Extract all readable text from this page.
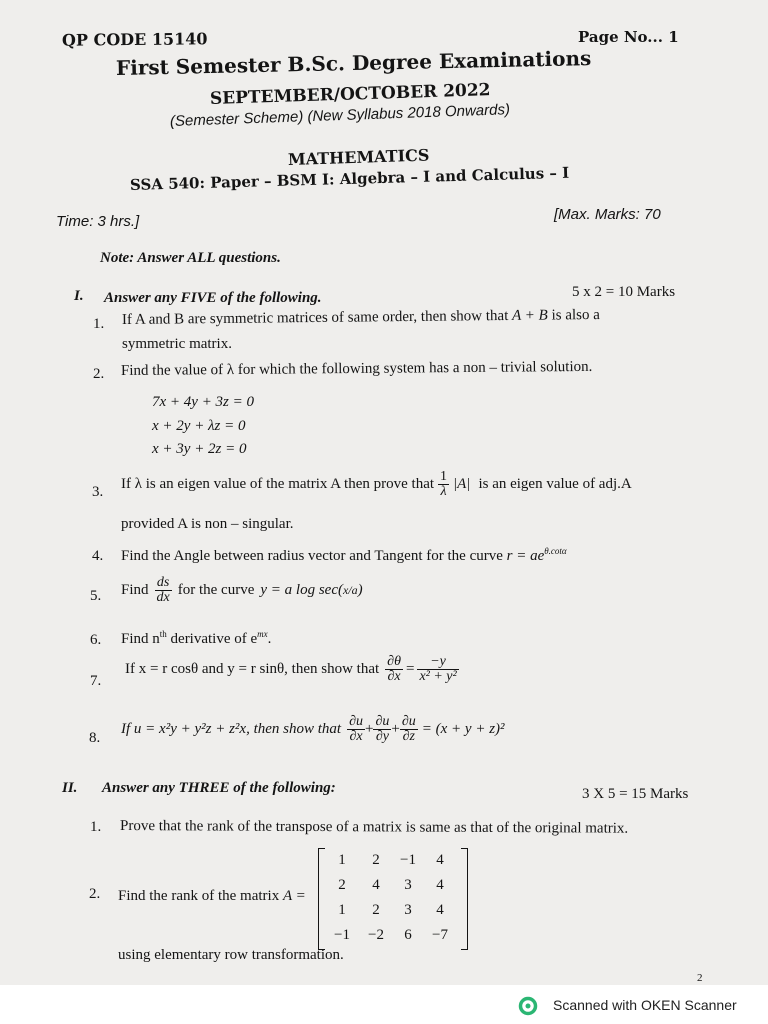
QP CODE 15140	Page No... 1
First Semester B.Sc. Degree Examinations
SEPTEMBER/OCTOBER 2022
(Semester Scheme) (New Syllabus 2018 Onwards)
MATHEMATICS
SSA 540: Paper – BSM I: Algebra – I and Calculus – I
Time: 3 hrs.]	[Max. Marks: 70
Note: Answer ALL questions.
I. Answer any FIVE of the following.	5 x 2 = 10 Marks
1. If A and B are symmetric matrices of same order, then show that A + B is also a
symmetric matrix.
2. Find the value of λ for which the following system has a non – trivial solution.
7x + 4y + 3z = 0
x + 2y + λz = 0
x + 3y + 2z = 0
3. If λ is an eigen value of the matrix A then prove that $\frac{1}{\lambda} |A|$ is an eigen value of adj.A
provided A is non – singular.
4. Find the Angle between radius vector and Tangent for the curve $r = ae^{\theta.cot\alpha}$
5. Find $\frac{ds}{dx}$ for the curve y = a log sec( x/a )
6. Find $n^{th}$ derivative of $e^{mx}$.
7.
If x = r cosθ and y = r sinθ, then show that $\frac{\partial\theta}{\partial x} = \frac{-y}{\text{x² + y²}}$
8.
If u = x²y + y²z + z²x, then show that $\frac{\partial u}{\partial x} + \frac{\partial u}{\partial y} + \frac{\partial u}{\partial z} = (x + y + z)^2$
II. Answer any THREE of the following:	3 X 5 = 15 Marks
1. Prove that the rank of the transpose of a matrix is same as that of the original matrix.
2. Find the rank of the matrix A =
1	2	−1	4
2	4	3	4
1	2	3	4
−1	−2	6	−7
using elementary row transformation.
2
Scanned with OKEN Scanner
